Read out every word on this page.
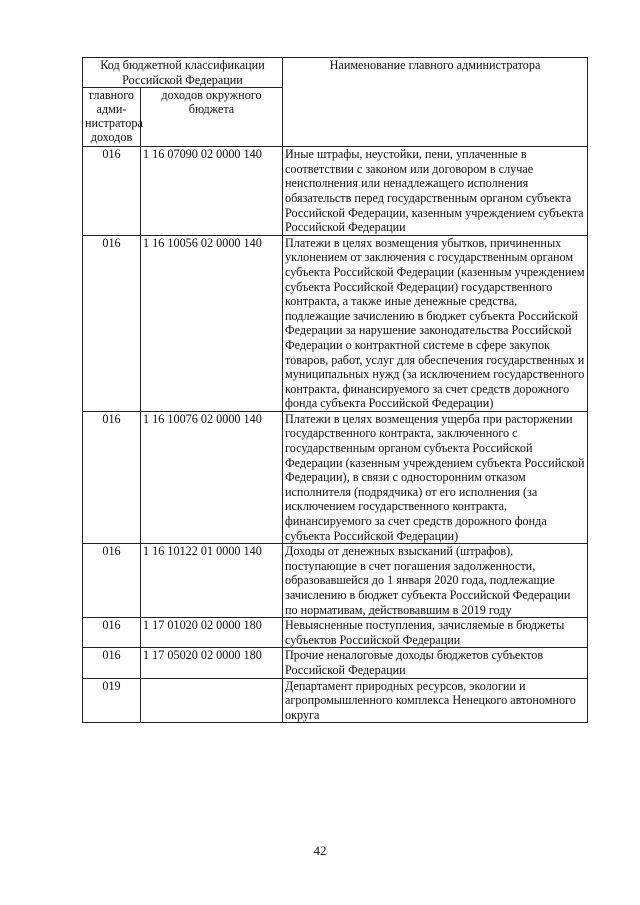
Код бюджетной классификации Российской Федерации		Наименование главного администратора
главного адми-нистратора доходов	доходов окружного бюджета	
016	1 16 07090 02 0000 140	Иные штрафы, неустойки, пени, уплаченные в соответствии с законом или договором в случае неисполнения или ненадлежащего исполнения обязательств перед государственным органом субъекта Российской Федерации, казенным учреждением субъекта Российской Федерации
016	1 16 10056 02 0000 140	Платежи в целях возмещения убытков, причиненных уклонением от заключения с государственным органом субъекта Российской Федерации (казенным учреждением субъекта Российской Федерации) государственного контракта, а также иные денежные средства, подлежащие зачислению в бюджет субъекта Российской Федерации за нарушение законодательства Российской Федерации о контрактной системе в сфере закупок товаров, работ, услуг для обеспечения государственных и муниципальных нужд (за исключением государственного контракта, финансируемого за счет средств дорожного фонда субъекта Российской Федерации)
016	1 16 10076 02 0000 140	Платежи в целях возмещения ущерба при расторжении государственного контракта, заключенного с государственным органом субъекта Российской Федерации (казенным учреждением субъекта Российской Федерации), в связи с односторонним отказом исполнителя (подрядчика) от его исполнения (за исключением государственного контракта, финансируемого за счет средств дорожного фонда субъекта Российской Федерации)
016	1 16 10122 01 0000 140	Доходы от денежных взысканий (штрафов), поступающие в счет погашения задолженности, образовавшейся до 1 января 2020 года, подлежащие зачислению в бюджет субъекта Российской Федерации по нормативам, действовавшим в 2019 году
016	1 17 01020 02 0000 180	Невыясненные поступления, зачисляемые в бюджеты субъектов Российской Федерации
016	1 17 05020 02 0000 180	Прочие неналоговые доходы бюджетов субъектов Российской Федерации
019		Департамент природных ресурсов, экологии и агропромышленного комплекса Ненецкого автономного округа
42
